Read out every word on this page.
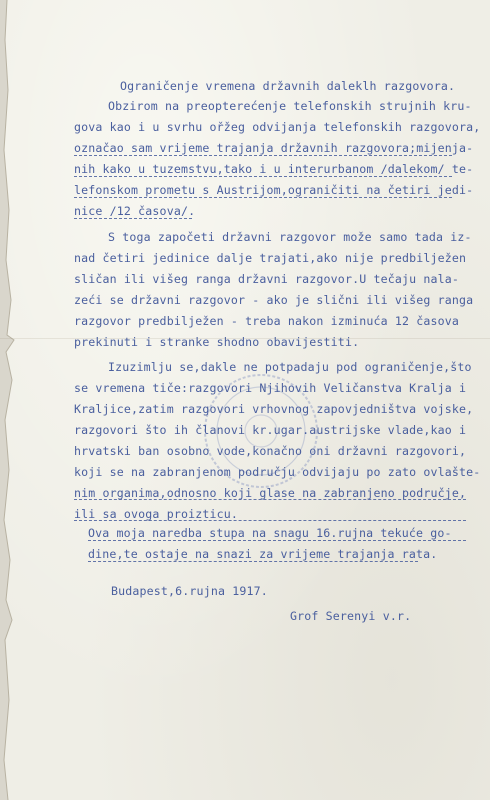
Ograničenje vremena državnih daleklh razgovora.
Obzirom na preopterećenje telefonskih strujnih kru-
gova kao i u svrhu ořžeg odvijanja telefonskih razgovora,
označao sam vrijeme trajanja državnih razgovora;mijenja-
nih kako u tuzemstvu,tako i u interurbanom /dalekom/ te-
lefonskom prometu s Austrijom,ograničiti na četiri jedi-
nice /12 časova/.
S toga započeti državni razgovor može samo tada iz-
nad četiri jedinice dalje trajati,ako nije predbilježen
sličan ili višeg ranga državni razgovor.U tečaju nala-
zeći se državni razgovor - ako je slični ili višeg ranga
razgovor predbilježen - treba nakon izminuća 12 časova
prekinuti i stranke shodno obavijestiti.
Izuzimlju se,dakle ne potpadaju pod ograničenje,što
se vremena tiče:razgovori Njihovih Veličanstva Kralja i
Kraljice,zatim razgovori vrhovnog zapovjedništva vojske,
razgovori što ih članovi kr.ugar.austrijske vlade,kao i
hrvatski ban osobno vode,konačno oni državni razgovori,
koji se na zabranjenom području odvijaju po zato ovlašte-
nim organima,odnosno koji glase na zabranjeno područje,
ili sa ovoga proizticu.
Ova moja naredba stupa na snagu 16.rujna tekuće go-
dine,te ostaje na snazi za vrijeme trajanja rata.
Budapest,6.rujna 1917.
Grof Serenyi v.r.
